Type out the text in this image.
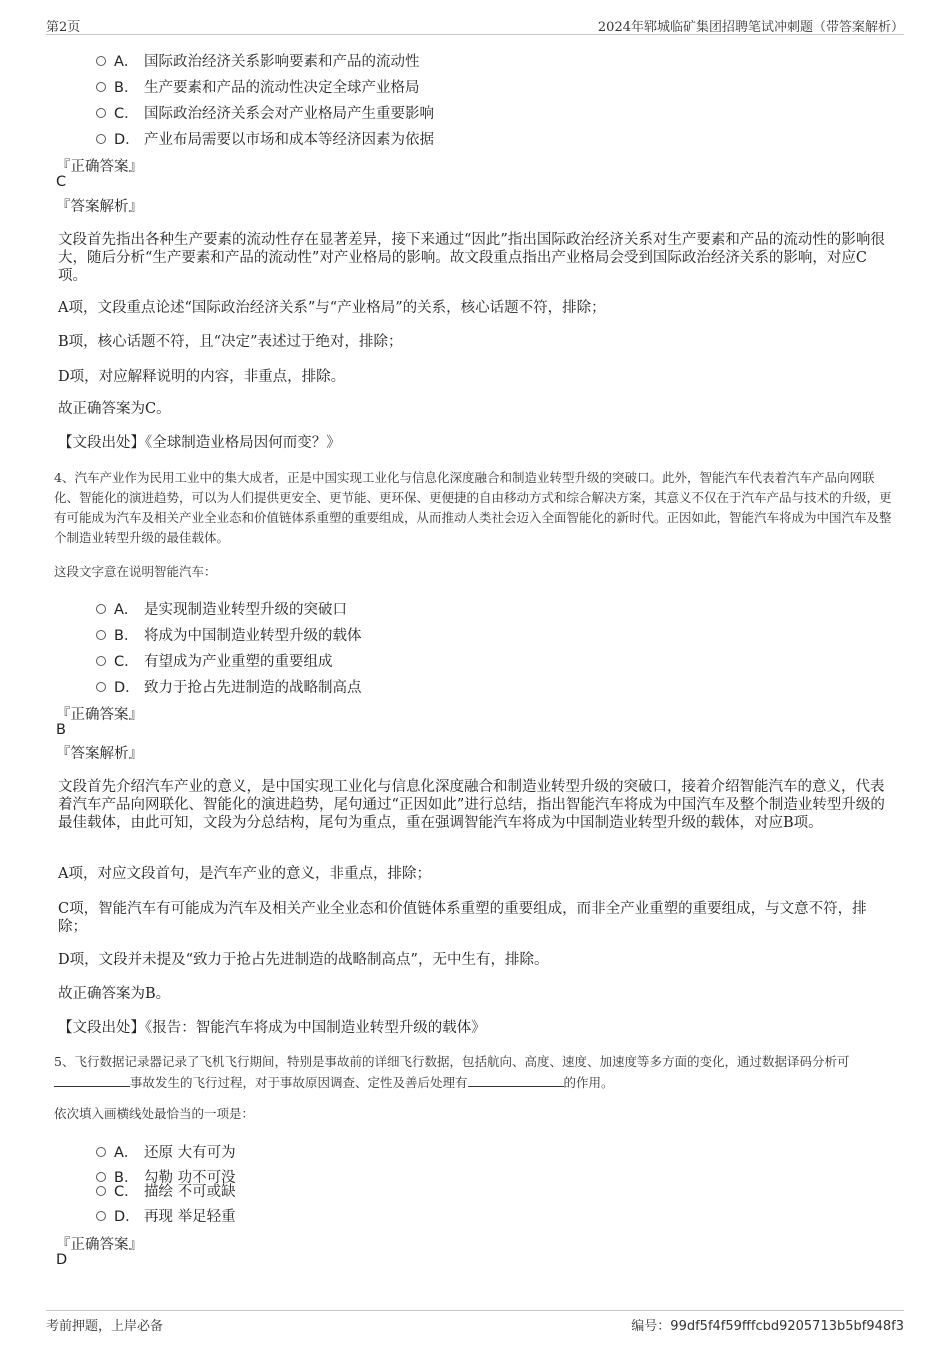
第2页	2024年郓城临矿集团招聘笔试冲刺题（带答案解析）
A． 国际政治经济关系影响要素和产品的流动性
B． 生产要素和产品的流动性决定全球产业格局
C． 国际政治经济关系会对产业格局产生重要影响
D． 产业布局需要以市场和成本等经济因素为依据
『正确答案』
C
『答案解析』
文段首先指出各种生产要素的流动性存在显著差异，接下来通过“因此”指出国际政治经济关系对生产要素和产品的流动性的影响很大，随后分析“生产要素和产品的流动性”对产业格局的影响。故文段重点指出产业格局会受到国际政治经济关系的影响，对应C项。
A项，文段重点论述“国际政治经济关系”与“产业格局”的关系，核心话题不符，排除；
B项，核心话题不符，且“决定”表述过于绝对，排除；
D项，对应解释说明的内容，非重点，排除。
故正确答案为C。
【文段出处】《全球制造业格局因何而变？》
4、汽车产业作为民用工业中的集大成者，正是中国实现工业化与信息化深度融合和制造业转型升级的突破口。此外，智能汽车代表着汽车产品向网联化、智能化的演进趋势，可以为人们提供更安全、更节能、更环保、更便捷的自由移动方式和综合解决方案，其意义不仅在于汽车产品与技术的升级，更有可能成为汽车及相关产业全业态和价值链体系重塑的重要组成，从而推动人类社会迈入全面智能化的新时代。正因如此，智能汽车将成为中国汽车及整个制造业转型升级的最佳载体。
这段文字意在说明智能汽车：
A． 是实现制造业转型升级的突破口
B． 将成为中国制造业转型升级的载体
C． 有望成为产业重塑的重要组成
D． 致力于抢占先进制造的战略制高点
『正确答案』
B
『答案解析』
文段首先介绍汽车产业的意义，是中国实现工业化与信息化深度融合和制造业转型升级的突破口，接着介绍智能汽车的意义，代表着汽车产品向网联化、智能化的演进趋势，尾句通过“正因如此”进行总结，指出智能汽车将成为中国汽车及整个制造业转型升级的最佳载体，由此可知，文段为分总结构，尾句为重点，重在强调智能汽车将成为中国制造业转型升级的载体，对应B项。
A项，对应文段首句，是汽车产业的意义，非重点，排除；
C项，智能汽车有可能成为汽车及相关产业全业态和价值链体系重塑的重要组成，而非全产业重塑的重要组成，与文意不符，排除；
D项，文段并未提及“致力于抢占先进制造的战略制高点”，无中生有，排除。
故正确答案为B。
【文段出处】《报告：智能汽车将成为中国制造业转型升级的载体》
5、飞行数据记录器记录了飞机飞行期间，特别是事故前的详细飞行数据，包括航向、高度、速度、加速度等多方面的变化，通过数据译码分析可事故发生的飞行过程，对于事故原因调查、定性及善后处理有	的作用。
依次填入画横线处最恰当的一项是：
A． 还原 大有可为
B． 勾勒 功不可没
C． 描绘 不可或缺
D． 再现 举足轻重
『正确答案』
D
考前押题，上岸必备	编号：99df5f4f59fffcbd9205713b5bf948f3
